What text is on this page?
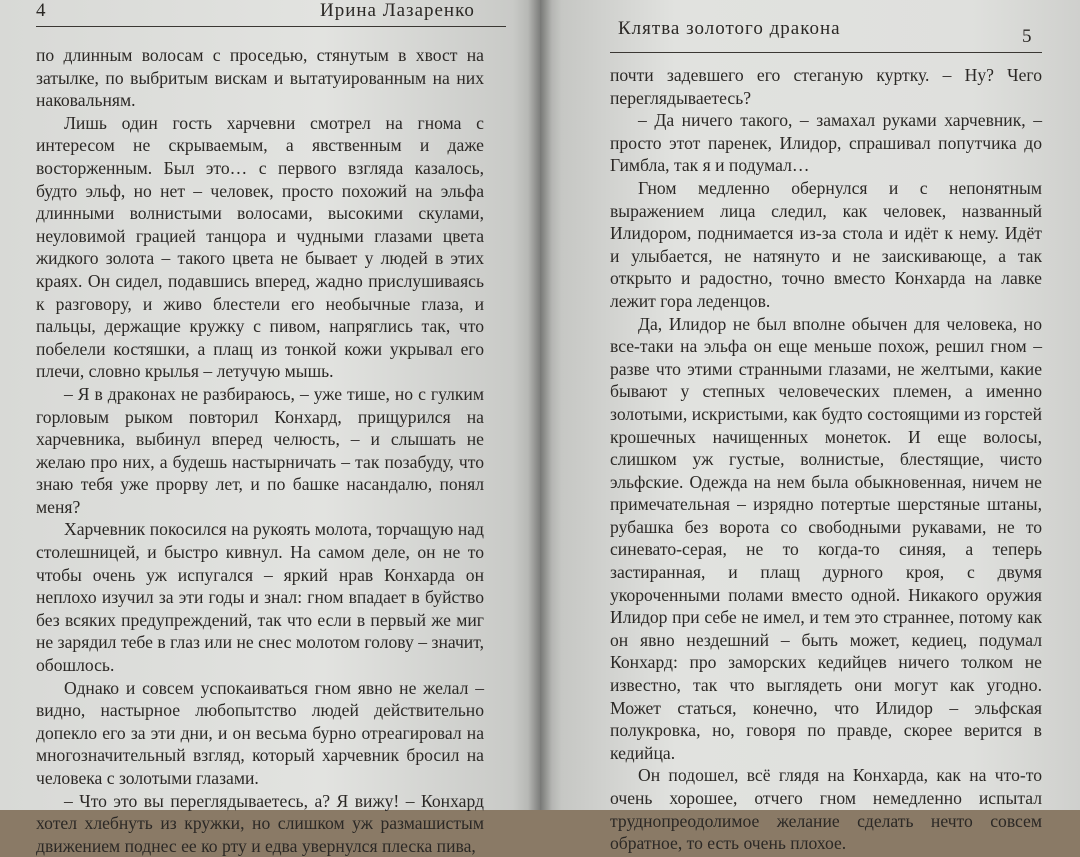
4	Ирина Лазаренко

по длинным волосам с проседью, стянутым в хвост на затылке, по выбритым вискам и вытатуированным на них наковальням.

Лишь один гость харчевни смотрел на гнома с интересом не скрываемым, а явственным и даже восторженным. Был это… с первого взгляда казалось, будто эльф, но нет – человек, просто похожий на эльфа длинными волнистыми волосами, высокими скулами, неуловимой грацией танцора и чудными глазами цвета жидкого золота – такого цвета не бывает у людей в этих краях. Он сидел, подавшись вперед, жадно прислушиваясь к разговору, и живо блестели его необычные глаза, и пальцы, держащие кружку с пивом, напряглись так, что побелели костяшки, а плащ из тонкой кожи укрывал его плечи, словно крылья – летучую мышь.

– Я в драконах не разбираюсь, – уже тише, но с гулким горловым рыком повторил Конхард, прищурился на харчевника, выбинул вперед челюсть, – и слышать не желаю про них, а будешь настырничать – так позабуду, что знаю тебя уже прорву лет, и по башке насандалю, понял меня?

Харчевник покосился на рукоять молота, торчащую над столешницей, и быстро кивнул. На самом деле, он не то чтобы очень уж испугался – яркий нрав Конхарда он неплохо изучил за эти годы и знал: гном впадает в буйство без всяких предупреждений, так что если в первый же миг не зарядил тебе в глаз или не снес молотом голову – значит, обошлось.

Однако и совсем успокаиваться гном явно не желал – видно, настырное любопытство людей действительно допекло его за эти дни, и он весьма бурно отреагировал на многозначительный взгляд, который харчевник бросил на человека с золотыми глазами.

– Что это вы переглядываетесь, а? Я вижу! – Конхард хотел хлебнуть из кружки, но слишком уж размашистым движением поднес ее ко рту и едва увернулся плеска пива,

Клятва золотого дракона	5

почти задевшего его стеганую куртку. – Ну? Чего переглядываетесь?

– Да ничего такого, – замахал руками харчевник, – просто этот паренек, Илидор, спрашивал попутчика до Гимбла, так я и подумал…

Гном медленно обернулся и с непонятным выражением лица следил, как человек, названный Илидором, поднимается из-за стола и идёт к нему. Идёт и улыбается, не натянуто и не заискивающе, а так открыто и радостно, точно вместо Конхарда на лавке лежит гора леденцов.

Да, Илидор не был вполне обычен для человека, но все-таки на эльфа он еще меньше похож, решил гном – разве что этими странными глазами, не желтыми, какие бывают у степных человеческих племен, а именно золотыми, искристыми, как будто состоящими из горстей крошечных начищенных монеток. И еще волосы, слишком уж густые, волнистые, блестящие, чисто эльфские. Одежда на нем была обыкновенная, ничем не примечательная – изрядно потертые шерстяные штаны, рубашка без ворота со свободными рукавами, не то синевато-серая, не то когда-то синяя, а теперь застиранная, и плащ дурного кроя, с двумя укороченными полами вместо одной. Никакого оружия Илидор при себе не имел, и тем это страннее, потому как он явно нездешний – быть может, кедиец, подумал Конхард: про заморских кедийцев ничего толком не известно, так что выглядеть они могут как угодно. Может статься, конечно, что Илидор – эльфская полукровка, но, говоря по правде, скорее верится в кедийца.

Он подошел, всё глядя на Конхарда, как на что-то очень хорошее, отчего гном немедленно испытал труднопреодолимое желание сделать нечто совсем обратное, то есть очень плохое.
